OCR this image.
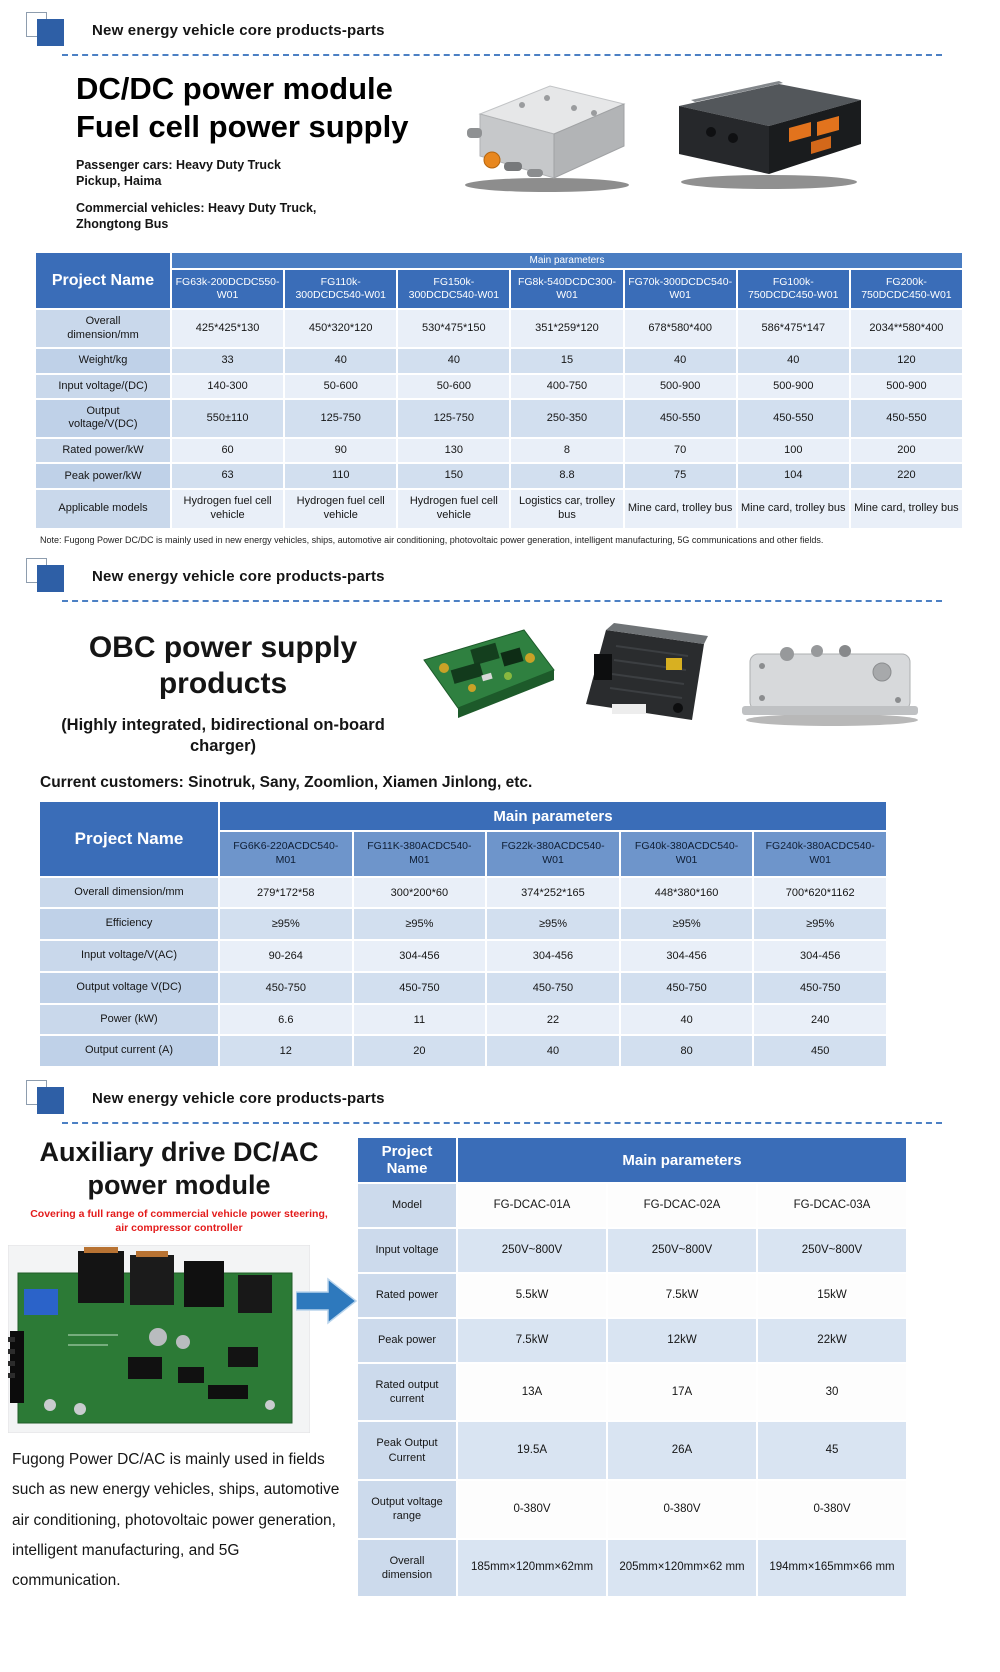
New energy vehicle core products-parts
DC/DC power module
Fuel cell power supply

Passenger cars: Heavy Duty Truck Pickup, Haima

Commercial vehicles: Heavy Duty Truck, Zhongtong Bus

Project Name	Main parameters						

	FG63k-200DCDC550-W01	FG110k-300DCDC540-W01	FG150k-300DCDC540-W01	FG8k-540DCDC300-W01	FG70k-300DCDC540-W01	FG100k-750DCDC450-W01	FG200k-750DCDC450-W01
Overall dimension/mm	425*425*130	450*320*120	530*475*150	351*259*120	678*580*400	586*475*147	2034**580*400
Weight/kg	33	40	40	15	40	40	120
Input voltage/(DC)	140-300	50-600	50-600	400-750	500-900	500-900	500-900
Output voltage/V(DC)	550±110	125-750	125-750	250-350	450-550	450-550	450-550
Rated power/kW	60	90	130	8	70	100	200
Peak power/kW	63	110	150	8.8	75	104	220
Applicable models	Hydrogen fuel cell vehicle	Hydrogen fuel cell vehicle	Hydrogen fuel cell vehicle	Logistics car, trolley bus	Mine card, trolley bus	Mine card, trolley bus	Mine card, trolley bus

Note: Fugong Power DC/DC is mainly used in new energy vehicles, ships, automotive air conditioning, photovoltaic power generation, intelligent manufacturing, 5G communications and other fields.

New energy vehicle core products-parts
OBC power supply products
(Highly integrated, bidirectional on-board charger)
Current customers: Sinotruk, Sany, Zoomlion, Xiamen Jinlong, etc.
Project Name	Main parameters				
	FG6K6-220ACDC540-M01	FG11K-380ACDC540-M01	FG22k-380ACDC540-W01	FG40k-380ACDC540-W01	FG240k-380ACDC540-W01
Overall dimension/mm	279*172*58	300*200*60	374*252*165	448*380*160	700*620*1162
Efficiency	≥95%	≥95%	≥95%	≥95%	≥95%
Input voltage/V(AC)	90-264	304-456	304-456	304-456	304-456
Output voltage V(DC)	450-750	450-750	450-750	450-750	450-750
Power (kW)	6.6	11	22	40	240
Output current (A)	12	20	40	80	450
New energy vehicle core products-parts
Auxiliary drive DC/AC power module
Covering a full range of commercial vehicle power steering, air compressor controller

Fugong Power DC/AC is mainly used in fields such as new energy vehicles, ships, automotive air conditioning, photovoltaic power generation, intelligent manufacturing, and 5G communication.

Project Name	Main parameters		
Model	FG-DCAC-01A	FG-DCAC-02A	FG-DCAC-03A
Input voltage	250V~800V	250V~800V	250V~800V
Rated power	5.5kW	7.5kW	15kW
Peak power	7.5kW	12kW	22kW
Rated output current	13A	17A	30
Peak Output Current	19.5A	26A	45
Output voltage range	0-380V	0-380V	0-380V
Overall dimension	185mm×120mm×62mm	205mm×120mm×62 mm	194mm×165mm×66 mm
